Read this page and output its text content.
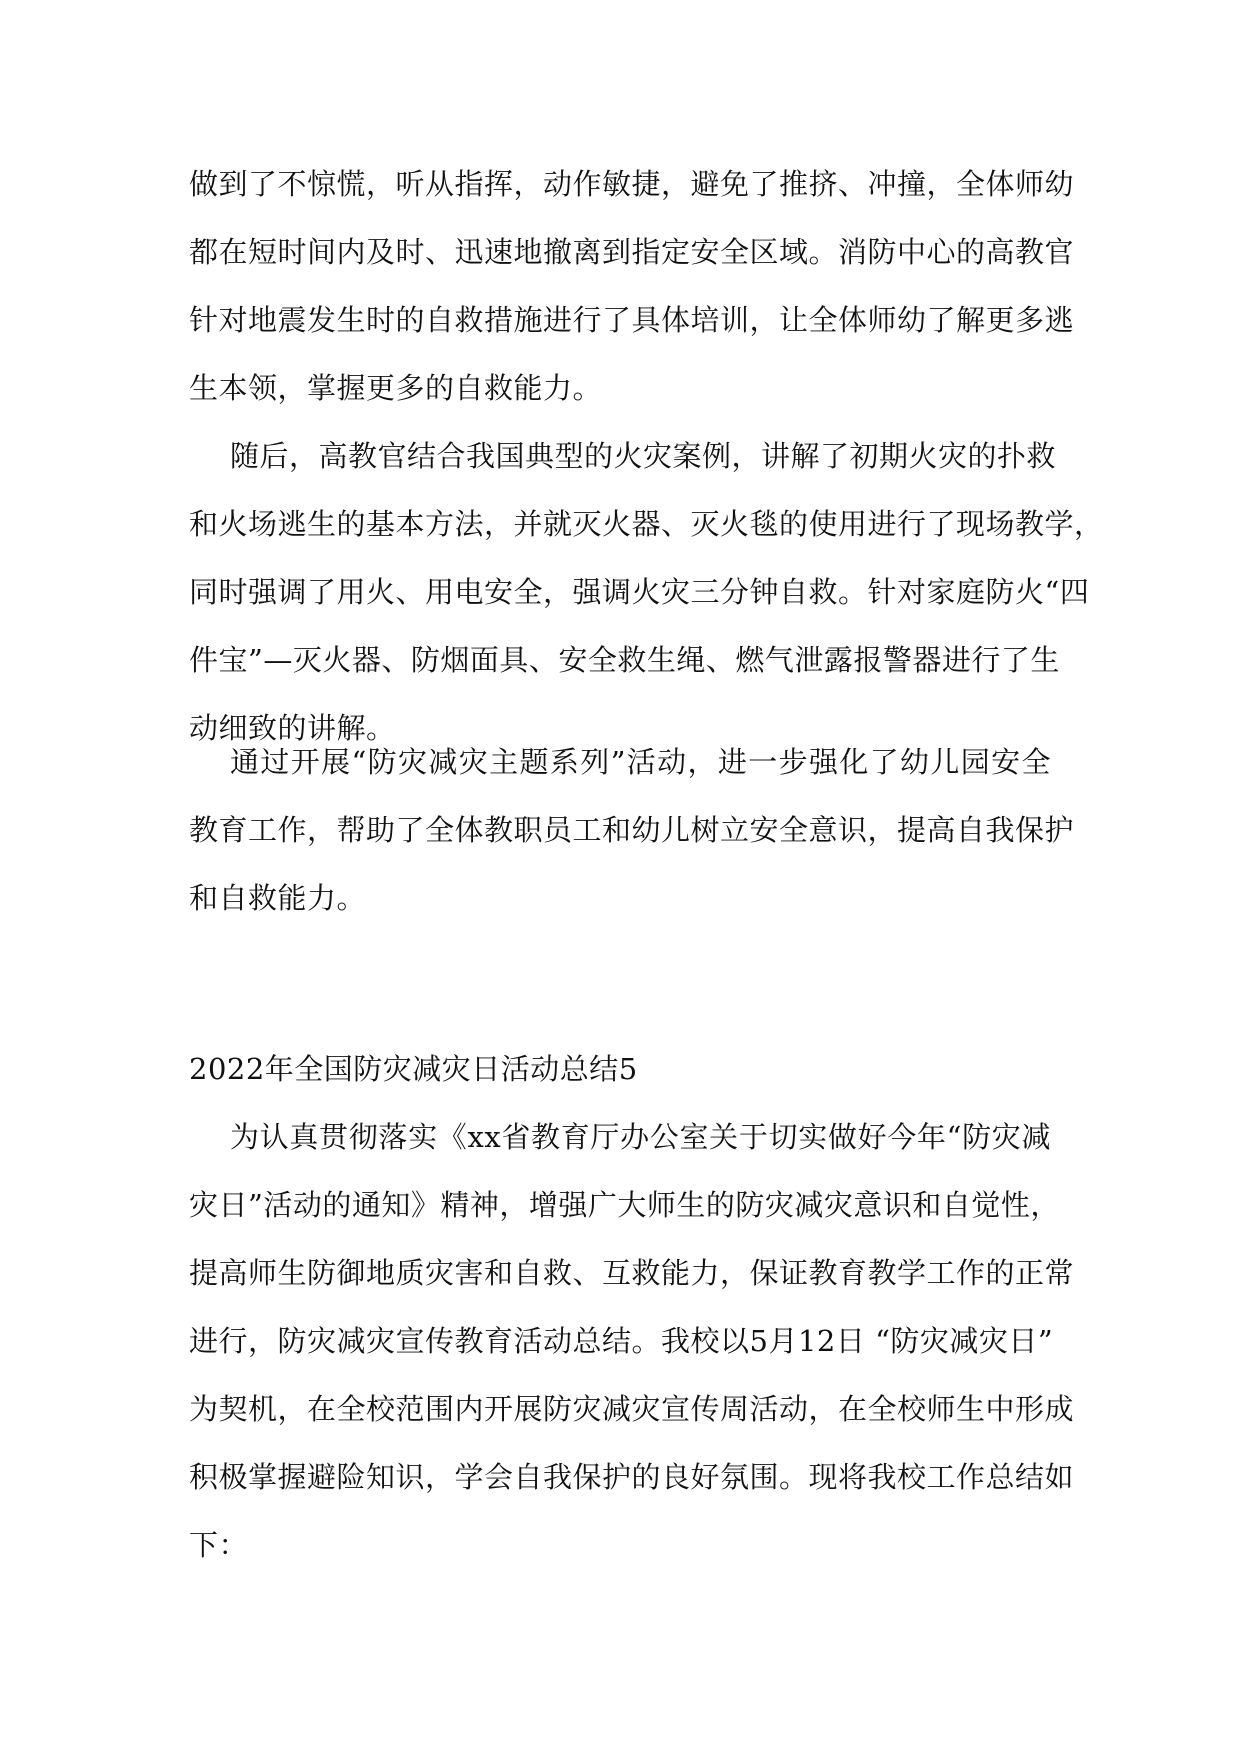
做到了不惊慌，听从指挥，动作敏捷，避免了推挤、冲撞，全体师幼
都在短时间内及时、迅速地撤离到指定安全区域。消防中心的高教官
针对地震发生时的自救措施进行了具体培训，让全体师幼了解更多逃
生本领，掌握更多的自救能力。
随后，高教官结合我国典型的火灾案例，讲解了初期火灾的扑救
和火场逃生的基本方法，并就灭火器、灭火毯的使用进行了现场教学，
同时强调了用火、用电安全，强调火灾三分钟自救。针对家庭防火“四
件宝”—灭火器、防烟面具、安全救生绳、燃气泄露报警器进行了生
动细致的讲解。
通过开展“防灾减灾主题系列”活动，进一步强化了幼儿园安全
教育工作，帮助了全体教职员工和幼儿树立安全意识，提高自我保护
和自救能力。
2022年全国防灾减灾日活动总结5
为认真贯彻落实《xx省教育厅办公室关于切实做好今年“防灾减
灾日”活动的通知》精神，增强广大师生的防灾减灾意识和自觉性，
提高师生防御地质灾害和自救、互救能力，保证教育教学工作的正常
进行，防灾减灾宣传教育活动总结。我校以5月12日 “防灾减灾日”
为契机，在全校范围内开展防灾减灾宣传周活动，在全校师生中形成
积极掌握避险知识，学会自我保护的良好氛围。现将我校工作总结如
下：
